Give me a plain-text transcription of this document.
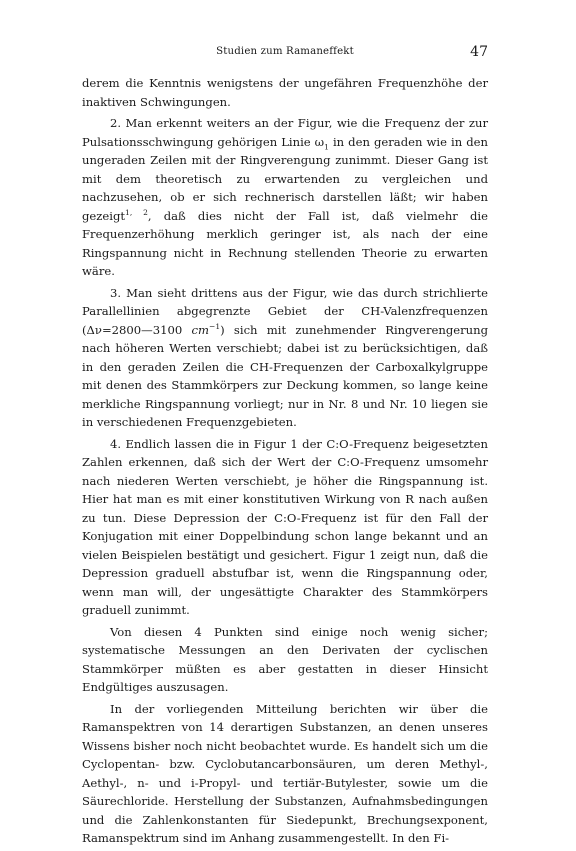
Studien zum Ramaneffekt	47

derem die Kenntnis wenigstens der ungefähren Frequenzhöhe der inaktiven Schwingungen.

2. Man erkennt weiters an der Figur, wie die Frequenz der zur Pulsationsschwingung gehörigen Linie $\omega_1$ in den geraden wie in den ungeraden Zeilen mit der Ringverengung zunimmt. Dieser Gang ist mit dem theoretisch zu erwartenden zu vergleichen und nachzusehen, ob er sich rechnerisch darstellen läßt; wir haben gezeigt$^{1, 2}$, daß dies nicht der Fall ist, daß vielmehr die Frequenzerhöhung merklich geringer ist, als nach der eine Ringspannung nicht in Rechnung stellenden Theorie zu erwarten wäre.

3. Man sieht drittens aus der Figur, wie das durch strichlierte Parallellinien abgegrenzte Gebiet der CH-Valenzfrequenzen (Δν=2800—3100 $cm^{-1}$) sich mit zunehmender Ringverengerung nach höheren Werten verschiebt; dabei ist zu berücksichtigen, daß in den geraden Zeilen die CH-Frequenzen der Carboxalkylgruppe mit denen des Stammkörpers zur Deckung kommen, so lange keine merkliche Ringspannung vorliegt; nur in Nr. 8 und Nr. 10 liegen sie in verschiedenen Frequenzgebieten.

4. Endlich lassen die in Figur 1 der C:O-Frequenz beigesetzten Zahlen erkennen, daß sich der Wert der C:O-Frequenz umsomehr nach niederen Werten verschiebt, je höher die Ringspannung ist. Hier hat man es mit einer konstitutiven Wirkung von R nach außen zu tun. Diese Depression der C:O-Frequenz ist für den Fall der Konjugation mit einer Doppelbindung schon lange bekannt und an vielen Beispielen bestätigt und gesichert. Figur 1 zeigt nun, daß die Depression graduell abstufbar ist, wenn die Ringspannung oder, wenn man will, der ungesättigte Charakter des Stammkörpers graduell zunimmt.

Von diesen 4 Punkten sind einige noch wenig sicher; systematische Messungen an den Derivaten der cyclischen Stammkörper müßten es aber gestatten in dieser Hinsicht Endgültiges auszusagen.

In der vorliegenden Mitteilung berichten wir über die Ramanspektren von 14 derartigen Substanzen, an denen unseres Wissens bisher noch nicht beobachtet wurde. Es handelt sich um die Cyclopentan- bzw. Cyclobutancarbonsäuren, um deren Methyl-, Aethyl-, n- und i-Propyl- und tertiär-Butylester, sowie um die Säurechloride. Herstellung der Substanzen, Aufnahmsbedingungen und die Zahlenkonstanten für Siedepunkt, Brechungsexponent, Ramanspektrum sind im Anhang zusammengestellt. In den Fi-
